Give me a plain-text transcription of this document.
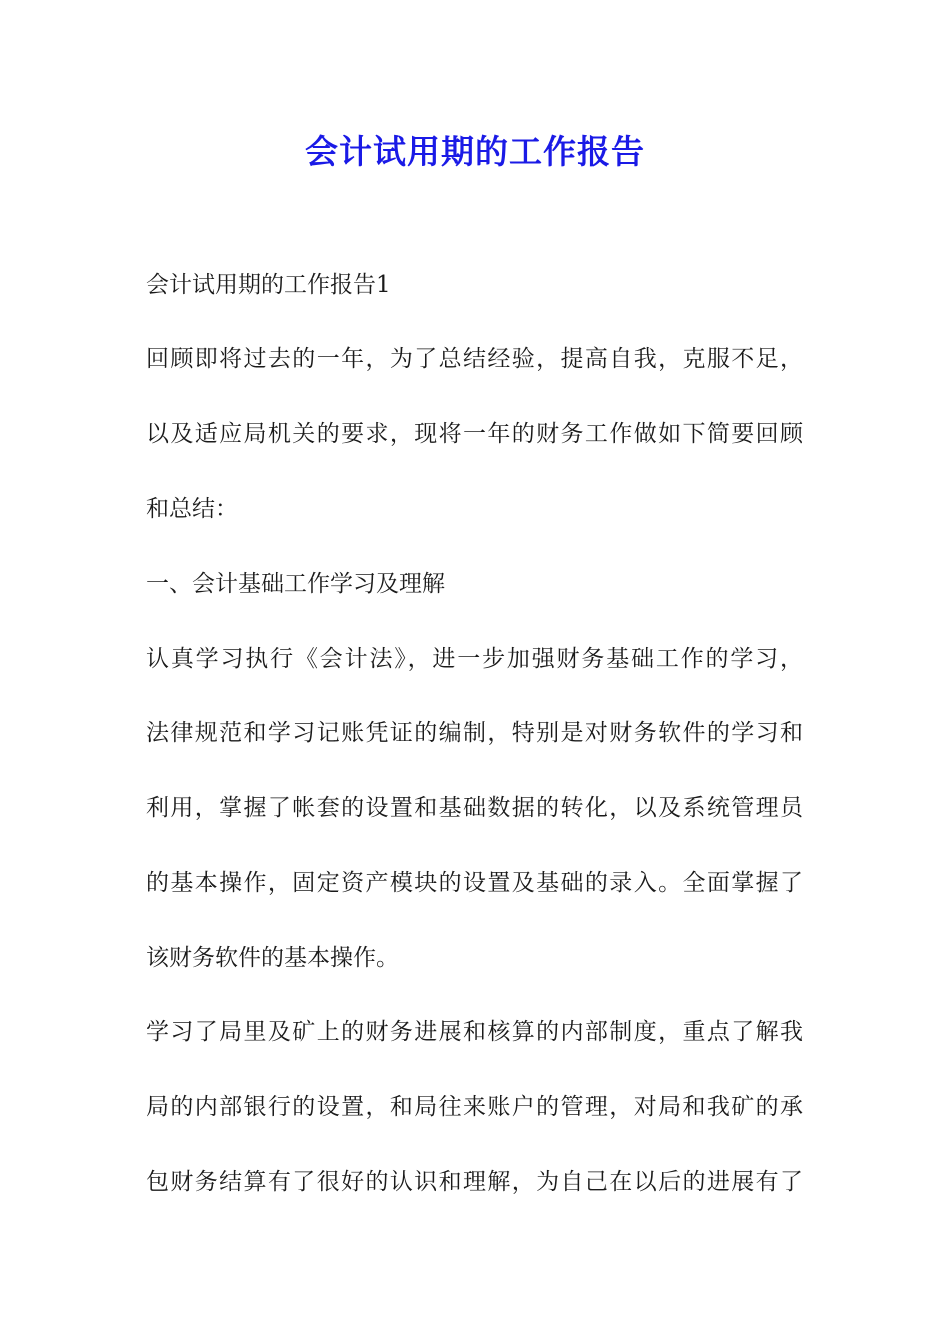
会计试用期的工作报告

会计试用期的工作报告1

回顾即将过去的一年，为了总结经验，提高自我，克服不足，

以及适应局机关的要求，现将一年的财务工作做如下简要回顾

和总结：

一、会计基础工作学习及理解

认真学习执行《会计法》，进一步加强财务基础工作的学习，

法律规范和学习记账凭证的编制，特别是对财务软件的学习和

利用，掌握了帐套的设置和基础数据的转化，以及系统管理员

的基本操作，固定资产模块的设置及基础的录入。全面掌握了

该财务软件的基本操作。

学习了局里及矿上的财务进展和核算的内部制度，重点了解我

局的内部银行的设置，和局往来账户的管理，对局和我矿的承

包财务结算有了很好的认识和理解，为自己在以后的进展有了
